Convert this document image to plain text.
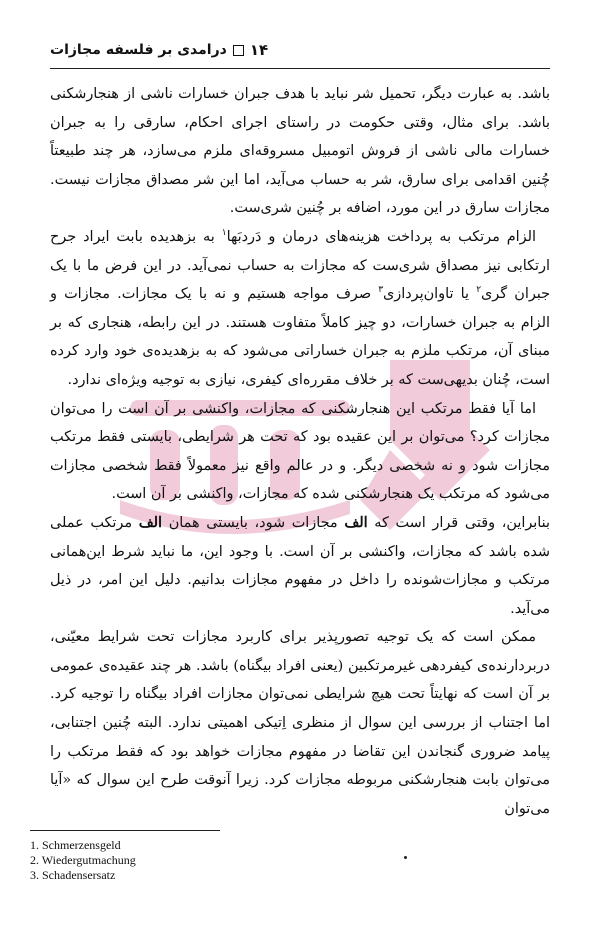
۱۴
درامدی بر فلسفه مجازات

باشد. به عبارت دیگر، تحمیل شر نباید با هدف جبران خسارات ناشی از هنجارشکنی باشد. برای مثال، وقتی حکومت در راستای اجرای احکام، سارقی را به جبران خسارات مالی ناشی از فروش اتومبیل مسروقه‌ای ملزم می‌سازد، هر چند طبیعتاً چُنین اقدامی برای سارق، شر به حساب می‌آید، اما این شر مصداق مجازات نیست. مجازات سارق در این مورد، اضافه بر چُنین شری‌ست.

الزام مرتکب به پرداخت هزینه‌های درمان و دَردبَها$^۱$ به بزهدیده بابت ایراد جرح ارتکابی نیز مصداق شری‌ست که مجازات به حساب نمی‌آید. در این فرض ما با یک جبران گری$^۲$ یا تاوان‌پردازی$^۳$ صرف مواجه هستیم و نه با یک مجازات. مجازات و الزام به جبران خسارات، دو چیز کاملاً متفاوت هستند. در این رابطه، هنجاری که بر مبنای آن، مرتکب ملزم به جبران خساراتی می‌شود که به بزهدیده‌ی خود وارد کرده است، چُنان بدیهی‌ست که بر خلاف مقرره‌ای کیفری، نیازی به توجیه ویژه‌ای ندارد.

اما آیا فقط مرتکب این هنجارشکنی که مجازات، واکنشی بر آن است را می‌توان مجازات کرد؟ می‌توان بر این عقیده بود که تحت هر شرایطی، بایستی فقط مرتکب مجازات شود و نه شخصی دیگر. و در عالم واقع نیز معمولاً فقط شخصی مجازات می‌شود که مرتکب یک هنجارشکنی شده که مجازات، واکنشی بر آن است.

بنابراین، وقتی قرار است که الف مجازات شود، بایستی همان الف مرتکب عملی شده باشد که مجازات، واکنشی بر آن است. با وجود این، ما نباید شرط این‌همانی مرتکب و مجازات‌شونده را داخل در مفهوم مجازات بدانیم. دلیل این امر، در ذیل می‌آید.

ممکن است که یک توجیه تصورپذیر برای کاربرد مجازات تحت شرایط معیّنی، دربردارنده‌ی کیفردهی غیرمرتکبین (یعنی افراد بیگناه) باشد. هر چند عقیده‌ی عمومی بر آن است که نهایتاً تحت هیچ شرایطی نمی‌توان مجازات افراد بیگناه را توجیه کرد. اما اجتناب از بررسی این سوال از منظری اِتیکی اهمیتی ندارد. البته چُنین اجتنابی، پیامد ضروری گنجاندن این تقاضا در مفهوم مجازات خواهد بود که فقط مرتکب را می‌توان بابت هنجارشکنی مربوطه مجازات کرد. زیرا آنوقت طرح این سوال که «آیا می‌توان

1. Schmerzensgeld
2. Wiedergutmachung
3. Schadensersatz
